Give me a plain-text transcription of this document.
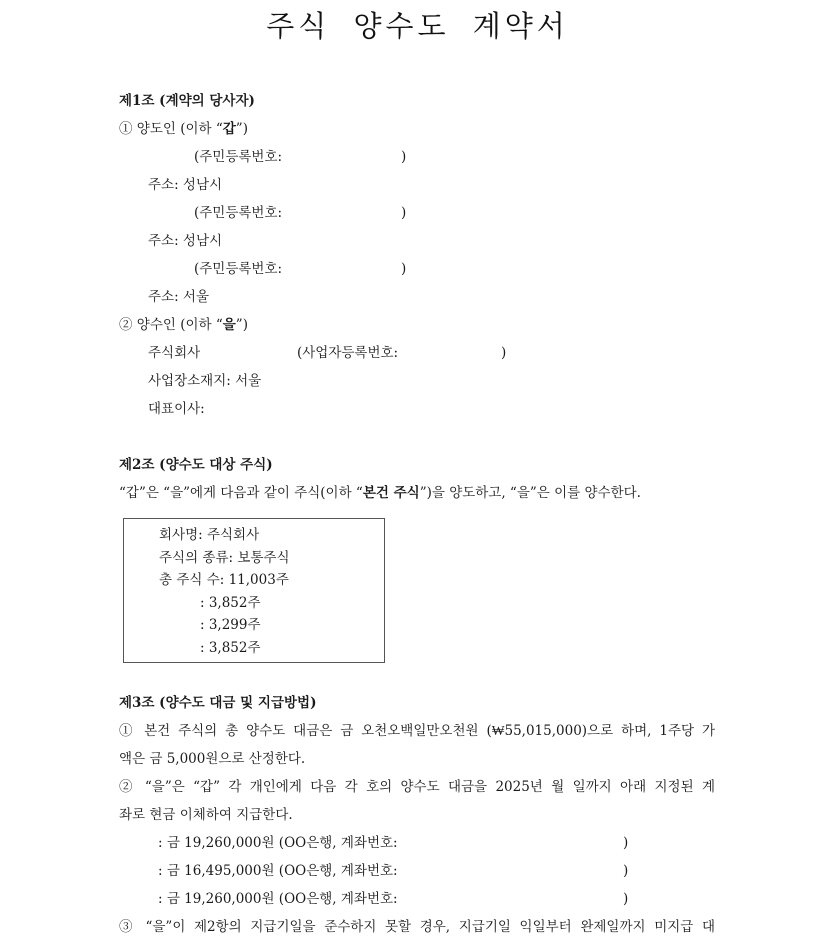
주식 양수도 계약서
제1조 (계약의 당사자)
① 양도인 (이하 “갑”)
(주민등록번호:	)
주소: 성남시
(주민등록번호:	)
주소: 성남시
(주민등록번호:	)
주소: 서울
② 양수인 (이하 “을”)
주식회사	(사업자등록번호:	)
사업장소재지: 서울
대표이사:
제2조 (양수도 대상 주식)
“갑”은 “을”에게 다음과 같이 주식(이하 “본건 주식”)을 양도하고, “을”은 이를 양수한다.
회사명: 주식회사
주식의 종류: 보통주식
총 주식 수: 11,003주
: 3,852주
: 3,299주
: 3,852주
제3조 (양수도 대금 및 지급방법)
① 본건 주식의 총 양수도 대금은 금 오천오백일만오천원 (₩55,015,000)으로 하며, 1주당 가
액은 금 5,000원으로 산정한다.
② “을”은 “갑” 각 개인에게 다음 각 호의 양수도 대금을 2025년 월 일까지 아래 지정된 계
좌로 현금 이체하여 지급한다.
: 금 19,260,000원 (OO은행, 계좌번호:	)
: 금 16,495,000원 (OO은행, 계좌번호:	)
: 금 19,260,000원 (OO은행, 계좌번호:	)
③ “을”이 제2항의 지급기일을 준수하지 못할 경우, 지급기일 익일부터 완제일까지 미지급 대
